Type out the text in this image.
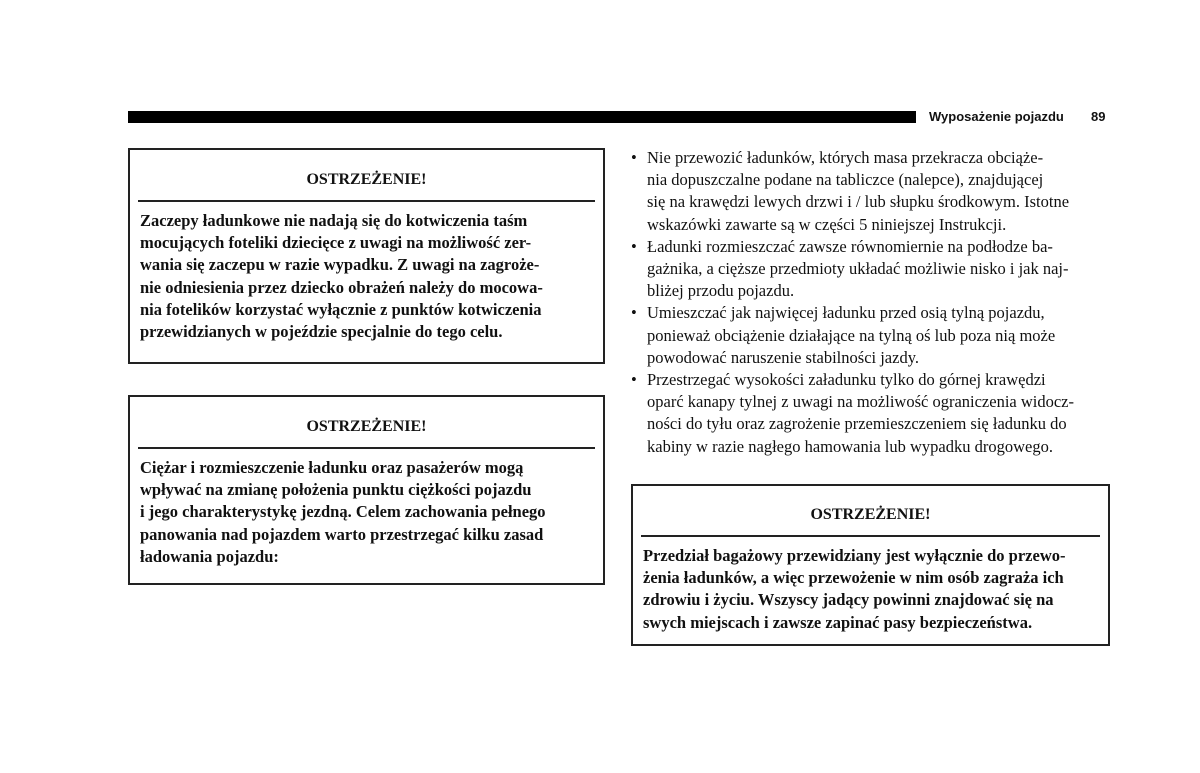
Wyposażenie pojazdu 89

OSTRZEŻENIE!

Zaczepy ładunkowe nie nadają się do kotwiczenia taśm
mocujących foteliki dziecięce z uwagi na możliwość zer-
wania się zaczepu w razie wypadku. Z uwagi na zagroże-
nie odniesienia przez dziecko obrażeń należy do mocowa-
nia fotelików korzystać wyłącznie z punktów kotwiczenia
przewidzianych w pojeździe specjalnie do tego celu.

OSTRZEŻENIE!

Ciężar i rozmieszczenie ładunku oraz pasażerów mogą
wpływać na zmianę położenia punktu ciężkości pojazdu
i jego charakterystykę jezdną. Celem zachowania pełnego
panowania nad pojazdem warto przestrzegać kilku zasad
ładowania pojazdu:

• Nie przewozić ładunków, których masa przekracza obciąże-
nia dopuszczalne podane na tabliczce (nalepce), znajdującej
się na krawędzi lewych drzwi i / lub słupku środkowym. Istotne
wskazówki zawarte są w części 5 niniejszej Instrukcji.
• Ładunki rozmieszczać zawsze równomiernie na podłodze ba-
gażnika, a cięższe przedmioty układać możliwie nisko i jak naj-
bliżej przodu pojazdu.
• Umieszczać jak najwięcej ładunku przed osią tylną pojazdu,
ponieważ obciążenie działające na tylną oś lub poza nią może
powodować naruszenie stabilności jazdy.
• Przestrzegać wysokości załadunku tylko do górnej krawędzi
oparć kanapy tylnej z uwagi na możliwość ograniczenia widocz-
ności do tyłu oraz zagrożenie przemieszczeniem się ładunku do
kabiny w razie nagłego hamowania lub wypadku drogowego.

OSTRZEŻENIE!

Przedział bagażowy przewidziany jest wyłącznie do przewo-
żenia ładunków, a więc przewożenie w nim osób zagraża ich
zdrowiu i życiu. Wszyscy jadący powinni znajdować się na
swych miejscach i zawsze zapinać pasy bezpieczeństwa.
